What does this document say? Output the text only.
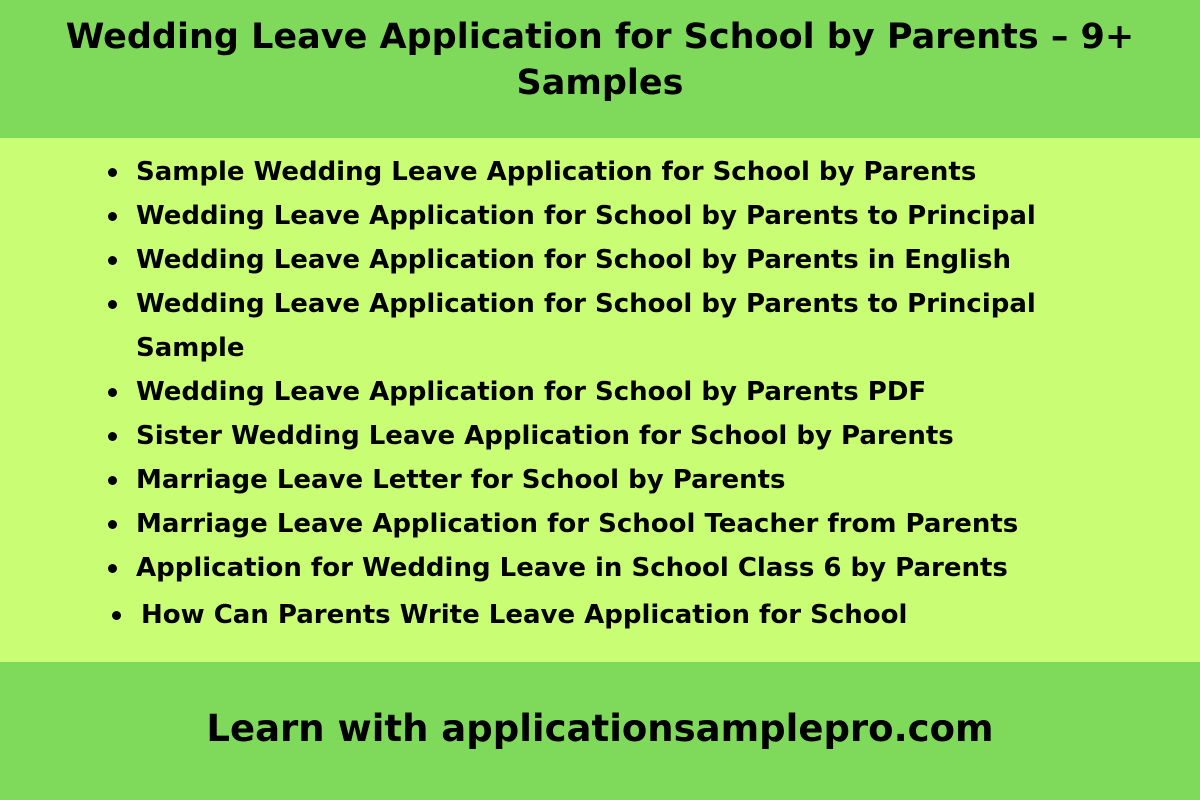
Wedding Leave Application for School by Parents – 9+ Samples
Sample Wedding Leave Application for School by Parents
Wedding Leave Application for School by Parents to Principal
Wedding Leave Application for School by Parents in English
Wedding Leave Application for School by Parents to Principal Sample
Wedding Leave Application for School by Parents PDF
Sister Wedding Leave Application for School by Parents
Marriage Leave Letter for School by Parents
Marriage Leave Application for School Teacher from Parents
Application for Wedding Leave in School Class 6 by Parents
How Can Parents Write Leave Application for School

Learn with applicationsamplepro.com
